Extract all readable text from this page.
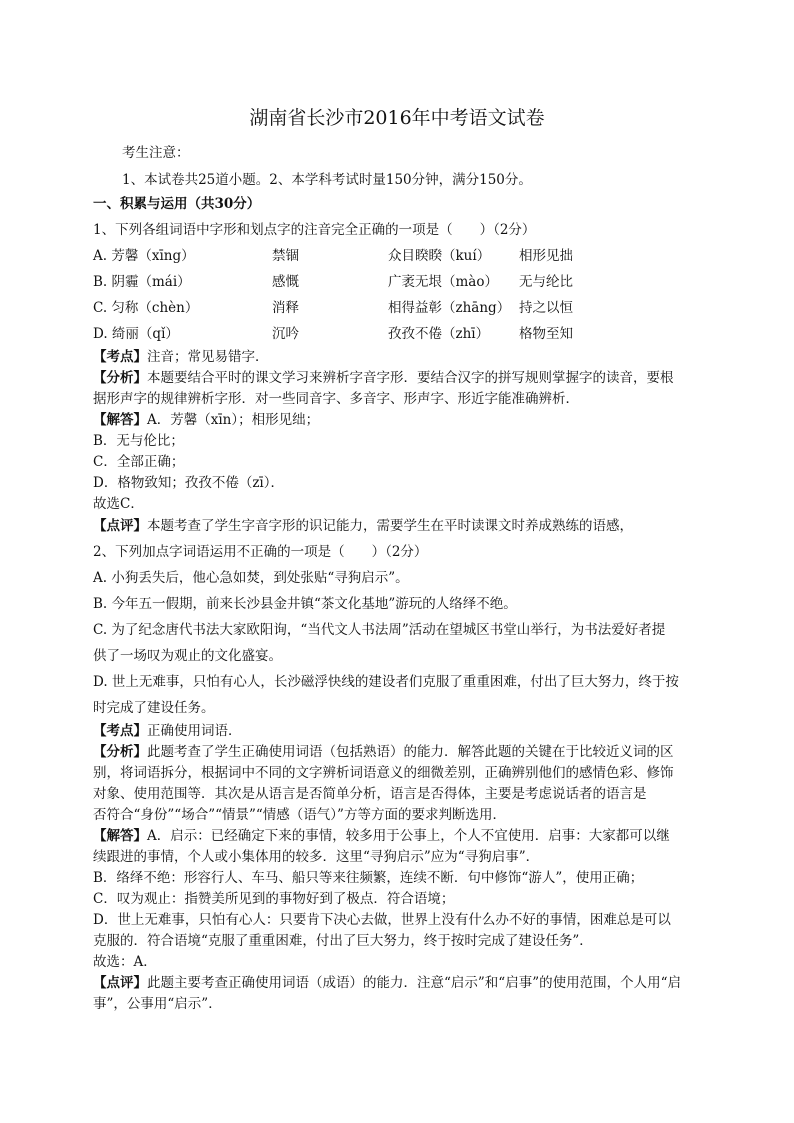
湖南省长沙市2016年中考语文试卷
考生注意：
1、本试卷共25道小题。2、本学科考试时量150分钟，满分150分。
一、积累与运用（共30分）
1、下列各组词语中字形和划点字的注音完全正确的一项是（　　）（2分）
A. 芳馨（xīng）	禁锢	众目睽睽（kuí） 相形见拙
B. 阴霾（mái）	感慨	广袤无垠（mào） 无与纶比
C. 匀称（chèn）	消释	相得益彰（zhāng） 持之以恒
D. 绮丽（qǐ）	沉吟	孜孜不倦（zhī） 格物至知
【考点】注音；常见易错字．
【分析】本题要结合平时的课文学习来辨析字音字形．要结合汉字的拼写规则掌握字的读音，要根
据形声字的规律辨析字形．对一些同音字、多音字、形声字、形近字能准确辨析．
【解答】A．芳馨（xīn）；相形见绌；
B．无与伦比；
C．全部正确；
D．格物致知；孜孜不倦（zī）．
故选C．
【点评】本题考查了学生字音字形的识记能力，需要学生在平时读课文时养成熟练的语感，
2、下列加点字词语运用不正确的一项是（　　）（2分）
A. 小狗丢失后，他心急如焚，到处张贴“寻狗启示”。
B. 今年五一假期，前来长沙县金井镇“茶文化基地”游玩的人络绎不绝。
C. 为了纪念唐代书法大家欧阳询，“当代文人书法周”活动在望城区书堂山举行，为书法爱好者提
供了一场叹为观止的文化盛宴。
D. 世上无难事，只怕有心人，长沙磁浮快线的建设者们克服了重重困难，付出了巨大努力，终于按
时完成了建设任务。
【考点】正确使用词语．
【分析】此题考查了学生正确使用词语（包括熟语）的能力．解答此题的关键在于比较近义词的区
别，将词语拆分，根据词中不同的文字辨析词语意义的细微差别，正确辨别他们的感情色彩、修饰
对象、使用范围等．其次是从语言是否简单分析，语言是否得体，主要是考虑说话者的语言是
否符合“身份”“场合”“情景”“情感（语气）”方等方面的要求判断选用．
【解答】A．启示：已经确定下来的事情，较多用于公事上，个人不宜使用．启事：大家都可以继
续跟进的事情，个人或小集体用的较多．这里“寻狗启示”应为“寻狗启事”．
B．络绎不绝：形容行人、车马、船只等来往频繁，连续不断．句中修饰“游人”，使用正确；
C．叹为观止：指赞美所见到的事物好到了极点．符合语境；
D．世上无难事，只怕有心人：只要肯下决心去做，世界上没有什么办不好的事情，困难总是可以
克服的．符合语境“克服了重重困难，付出了巨大努力，终于按时完成了建设任务”．
故选：A．
【点评】此题主要考查正确使用词语（成语）的能力．注意“启示”和“启事”的使用范围，个人用“启
事”，公事用“启示”．
